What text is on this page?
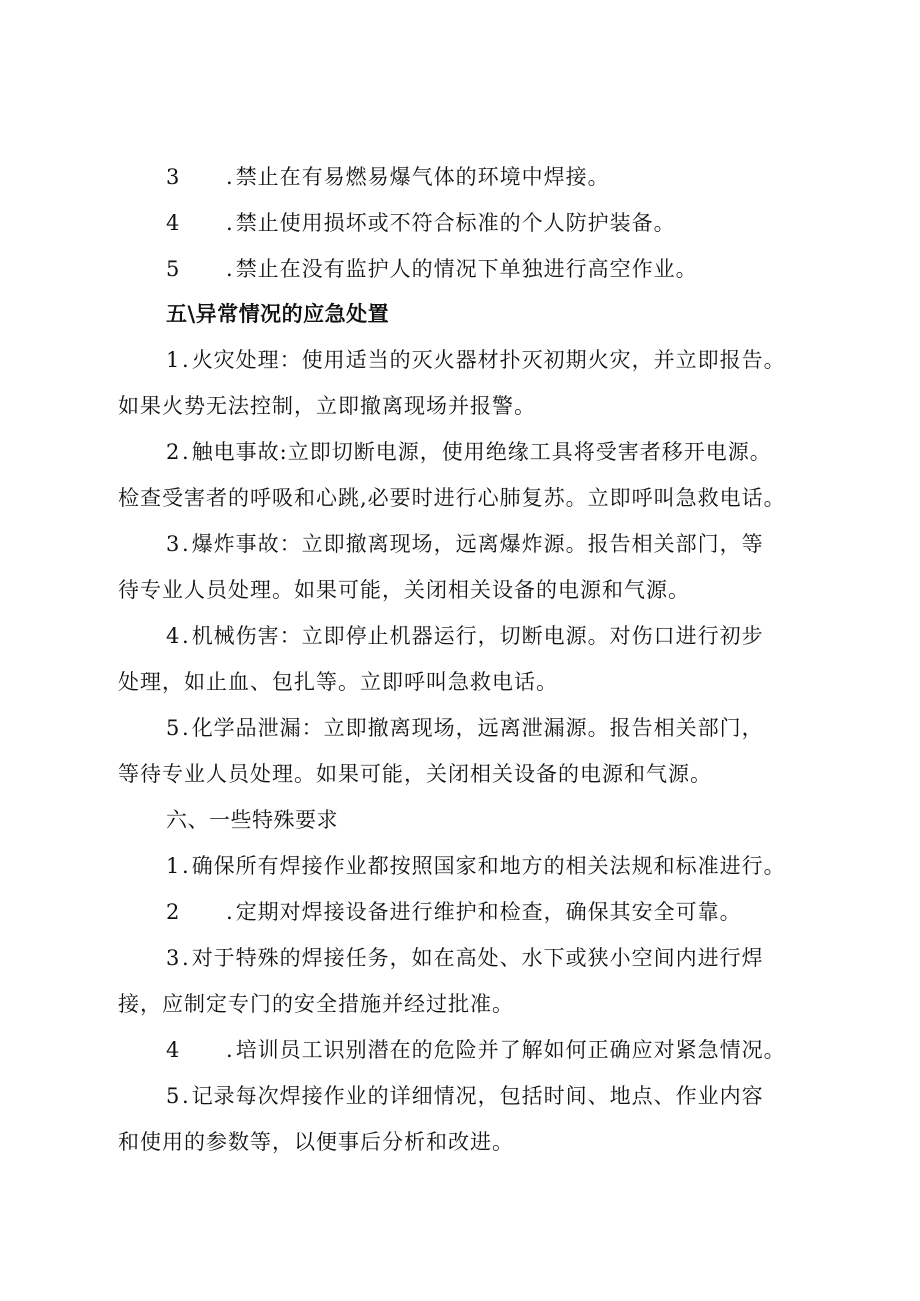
3 .禁止在有易燃易爆气体的环境中焊接。
4 .禁止使用损坏或不符合标准的个人防护装备。
5 .禁止在没有监护人的情况下单独进行高空作业。
五\异常情况的应急处置
1.火灾处理：使用适当的灭火器材扑灭初期火灾，并立即报告。
如果火势无法控制，立即撤离现场并报警。
2.触电事故:立即切断电源，使用绝缘工具将受害者移开电源。
检查受害者的呼吸和心跳,必要时进行心肺复苏。立即呼叫急救电话。
3.爆炸事故：立即撤离现场，远离爆炸源。报告相关部门，等
待专业人员处理。如果可能，关闭相关设备的电源和气源。
4.机械伤害：立即停止机器运行，切断电源。对伤口进行初步
处理，如止血、包扎等。立即呼叫急救电话。
5.化学品泄漏：立即撤离现场，远离泄漏源。报告相关部门，
等待专业人员处理。如果可能，关闭相关设备的电源和气源。
六、一些特殊要求
1.确保所有焊接作业都按照国家和地方的相关法规和标准进行。
2 .定期对焊接设备进行维护和检查，确保其安全可靠。
3.对于特殊的焊接任务，如在高处、水下或狭小空间内进行焊
接，应制定专门的安全措施并经过批准。
4 .培训员工识别潜在的危险并了解如何正确应对紧急情况。
5.记录每次焊接作业的详细情况，包括时间、地点、作业内容
和使用的参数等，以便事后分析和改进。
